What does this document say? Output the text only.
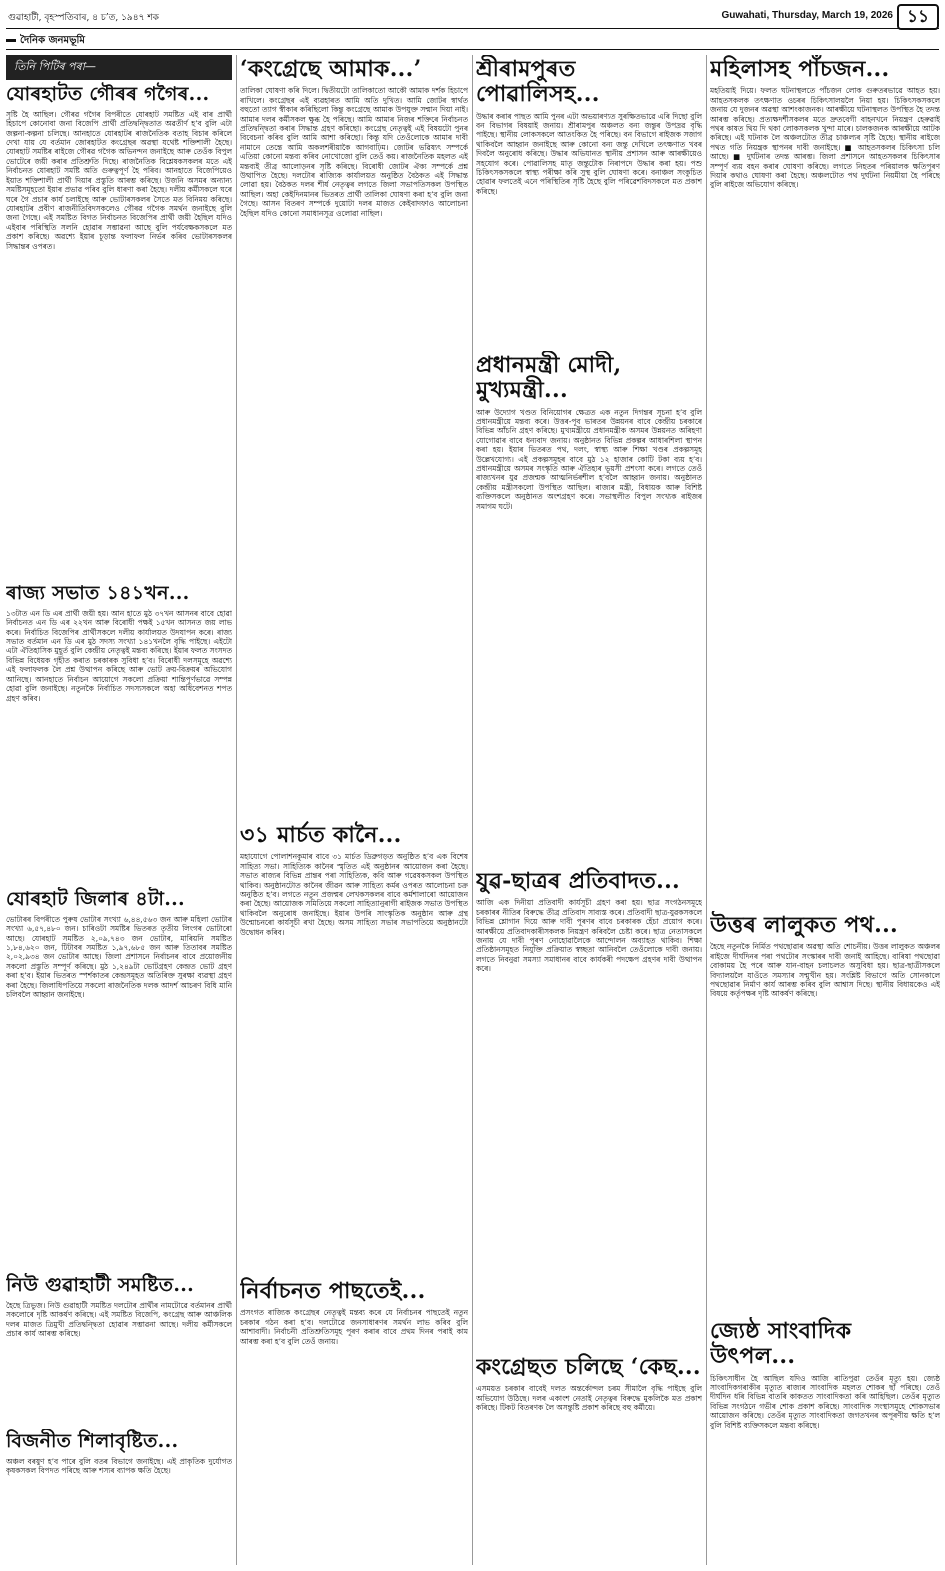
গুৱাহাটী, বৃহস্পতিবাৰ, ৪ চ’ত, ১৯৪৭ শক	Guwahati, Thursday, March 19, 2026 ১১
দৈনিক জনমভূমি
তিনি পিটিৰ পৰা—
যোৰহাটত গৌৰৰ গগৈৰ...

সৃষ্টি হৈ আছিল। গৌৰৱ গগৈৰ বিপৰীতে যোৰহাট সমষ্টিত এই বাৰ প্ৰাৰ্থী হিচাপে কোনোবা জনা বিজেপি প্ৰাৰ্থী প্ৰতিদ্বন্দ্বিতাত অৱতীৰ্ণ হ’ব বুলি এটা জল্পনা-কল্পনা চলিছে। আনহাতে যোৰহাটৰ ৰাজনৈতিক বতাহ বিচাৰ কৰিলে দেখা যায় যে বৰ্তমান জোৰহাটত কংগ্ৰেছৰ অৱস্থা যথেষ্ট শক্তিশালী হৈছে। যোৰহাট সমষ্টিৰ ৰাইজে গৌৰৱ গগৈক অভিনন্দন জনাইছে আৰু তেওঁক বিপুল ভোটেৰে জয়ী কৰাৰ প্ৰতিশ্ৰুতি দিছে। ৰাজনৈতিক বিশ্লেষকসকলৰ মতে এই নিৰ্বাচনত যোৰহাট সমষ্টি অতি গুৰুত্বপূৰ্ণ হৈ পৰিব। আনহাতে বিজেপিয়েও ইয়াত শক্তিশালী প্ৰাৰ্থী দিয়াৰ প্ৰস্তুতি আৰম্ভ কৰিছে। উজনি অসমৰ অন্যান্য সমষ্টিসমূহতো ইয়াৰ প্ৰভাৱ পৰিব বুলি ধাৰণা কৰা হৈছে। দলীয় কৰ্মীসকলে ঘৰে ঘৰে গৈ প্ৰচাৰ কাৰ্য চলাইছে আৰু ভোটাৰসকলৰ সৈতে মত বিনিময় কৰিছে। যোৰহাটৰ প্ৰবীণ ৰাজনীতিবিদসকলেও গৌৰৱ গগৈক সমৰ্থন জনাইছে বুলি জনা গৈছে। এই সমষ্টিত বিগত নিৰ্বাচনত বিজেপিৰ প্ৰাৰ্থী জয়ী হৈছিল যদিও এইবাৰ পৰিস্থিতি সলনি হোৱাৰ সম্ভাৱনা আছে বুলি পৰ্যবেক্ষকসকলে মত প্ৰকাশ কৰিছে। অৱশ্যে ইয়াৰ চূড়ান্ত ফলাফল নিৰ্ভৰ কৰিব ভোটাৰসকলৰ সিদ্ধান্তৰ ওপৰত।

ৰাজ্য সভাত ১৪১খন...

১৩টাত এন ডি এৰ প্ৰাৰ্থী জয়ী হয়। আন হাতে মুঠ ৩৭খন আসনৰ বাবে হোৱা নিৰ্বাচনত এন ডি এৰ ২২খন আৰু বিৰোধী পক্ষই ১৫খন আসনত জয় লাভ কৰে। নিৰ্বাচিত বিজেপিৰ প্ৰাৰ্থীসকলে দলীয় কাৰ্যালয়ত উদযাপন কৰে। ৰাজ্য সভাত বৰ্তমান এন ডি এৰ মুঠ সদস্য সংখ্যা ১৪১খনলৈ বৃদ্ধি পাইছে। এইটো এটা ঐতিহাসিক মুহূৰ্ত বুলি কেন্দ্ৰীয় নেতৃত্বই মন্তব্য কৰিছে। ইয়াৰ ফলত সংসদত বিভিন্ন বিধেয়ক গৃহীত কৰাত চৰকাৰক সুবিধা হ’ব। বিৰোধী দলসমূহে অৱশ্যে এই ফলাফলক লৈ প্ৰশ্ন উত্থাপন কৰিছে আৰু ভোট ক্ৰয়-বিক্ৰয়ৰ অভিযোগ আনিছে। আনহাতে নিৰ্বাচন আয়োগে সকলো প্ৰক্ৰিয়া শান্তিপূৰ্ণভাৱে সম্পন্ন হোৱা বুলি জনাইছে। নতুনকৈ নিৰ্বাচিত সদস্যসকলে অহা অধিবেশনত শপত গ্ৰহণ কৰিব।

যোৰহাট জিলাৰ ৪টা...

ভোটাৰৰ বিপৰীতে পুৰুষ ভোটাৰ সংখ্যা ৬,৪৪,৫৬৩ জন আৰু মহিলা ভোটাৰ সংখ্যা ৬,৫৭,৪৮০ জন। চাৰিওটা সমষ্টিৰ ভিতৰত তৃতীয় লিংগৰ ভোটাৰো আছে। যোৰহাট সমষ্টিত ২,০৯,৭৪৩ জন ভোটাৰ, মাৰিয়নি সমষ্টিত ১,৮৪,৬২০ জন, টিটাবৰ সমষ্টিত ১,৯৭,৬৮৫ জন আৰু তিতাবৰ সমষ্টিত ২,০২,৯৩৪ জন ভোটাৰ আছে। জিলা প্ৰশাসনে নিৰ্বাচনৰ বাবে প্ৰয়োজনীয় সকলো প্ৰস্তুতি সম্পূৰ্ণ কৰিছে। মুঠ ১,২৪৯টা ভোটগ্ৰহণ কেন্দ্ৰত ভোট গ্ৰহণ কৰা হ’ব। ইয়াৰ ভিতৰত স্পৰ্শকাতৰ কেন্দ্ৰসমূহত অতিৰিক্ত সুৰক্ষা ব্যৱস্থা গ্ৰহণ কৰা হৈছে। জিলাধিপতিয়ে সকলো ৰাজনৈতিক দলক আদৰ্শ আচৰণ বিধি মানি চলিবলৈ আহ্বান জনাইছে।

নিউ গুৱাহাটী সমষ্টিত...

হৈছে ত্ৰিভুজ। নিউ গুৱাহাটী সমষ্টিত দলটোৰ প্ৰাৰ্থীৰ নামটোৱে বৰ্তমানৰ প্ৰাৰ্থী সকলোৰে দৃষ্টি আকৰ্ষণ কৰিছে। এই সমষ্টিত বিজেপি, কংগ্ৰেছ আৰু আঞ্চলিক দলৰ মাজত ত্ৰিমুখী প্ৰতিদ্বন্দ্বিতা হোৱাৰ সম্ভাৱনা আছে। দলীয় কৰ্মীসকলে প্ৰচাৰ কাৰ্য আৰম্ভ কৰিছে।

বিজনীত শিলাবৃষ্টিত...

অঞ্চল বৰষুণ হ’ব পাৰে বুলি বতৰ বিভাগে জনাইছে। এই প্ৰাকৃতিক দুৰ্যোগত কৃষকসকল বিপদত পৰিছে আৰু শস্যৰ ব্যাপক ক্ষতি হৈছে।

‘কংগ্ৰেছে আমাক...’

তালিকা ঘোষণা কৰি দিলে। দ্বিতীয়টো তালিকাতো আকৌ আমাক দৰ্শক হিচাপে ৰাখিলে। কংগ্ৰেছৰ এই ব্যৱহাৰত আমি অতি দুখিত। আমি জোটৰ স্বাৰ্থত বহুতো ত্যাগ স্বীকাৰ কৰিছিলো কিন্তু কংগ্ৰেছে আমাক উপযুক্ত সন্মান দিয়া নাই। আমাৰ দলৰ কৰ্মীসকল ক্ষুব্ধ হৈ পৰিছে। আমি আমাৰ নিজৰ শক্তিৰে নিৰ্বাচনত প্ৰতিদ্বন্দ্বিতা কৰাৰ সিদ্ধান্ত গ্ৰহণ কৰিছো। কংগ্ৰেছ নেতৃত্বই এই বিষয়টো পুনৰ বিবেচনা কৰিব বুলি আমি আশা কৰিছো। কিন্তু যদি তেওঁলোকে আমাৰ দাবী নামানে তেন্তে আমি অকলশৰীয়াকৈ আগবাঢ়িম। জোটৰ ভৱিষ্যৎ সম্পৰ্কে এতিয়া কোনো মন্তব্য কৰিব নোখোজো বুলি তেওঁ কয়। ৰাজনৈতিক মহলত এই মন্তব্যই তীব্ৰ আলোড়নৰ সৃষ্টি কৰিছে। বিৰোধী জোটৰ ঐক্য সম্পৰ্কে প্ৰশ্ন উত্থাপিত হৈছে। দলটোৰ ৰাজ্যিক কাৰ্যালয়ত অনুষ্ঠিত বৈঠকত এই সিদ্ধান্ত লোৱা হয়। বৈঠকত দলৰ শীৰ্ষ নেতৃত্বৰ লগতে জিলা সভাপতিসকল উপস্থিত আছিল। অহা কেইদিনমানৰ ভিতৰত প্ৰাৰ্থী তালিকা ঘোষণা কৰা হ’ব বুলি জনা গৈছে। আসন বিতৰণ সম্পৰ্কে দুয়োটা দলৰ মাজত কেইবাদফাও আলোচনা হৈছিল যদিও কোনো সমাধানসূত্ৰ ওলোৱা নাছিল।

৩১ মাৰ্চত কানৈ...

মহাযোগে পোলাশনকুমাৰ বাবে ৩১ মাৰ্চত ডিব্ৰুগড়ত অনুষ্ঠিত হ’ব এক বিশেষ সাহিত্য সভা। সাহিত্যিক কানৈৰ স্মৃতিত এই অনুষ্ঠানৰ আয়োজন কৰা হৈছে। সভাত ৰাজ্যৰ বিভিন্ন প্ৰান্তৰ পৰা সাহিত্যিক, কবি আৰু গৱেষকসকল উপস্থিত থাকিব। অনুষ্ঠানটোত কানৈৰ জীৱন আৰু সাহিত্য কৰ্মৰ ওপৰত আলোচনা চক্ৰ অনুষ্ঠিত হ’ব। লগতে নতুন প্ৰজন্মৰ লেখকসকলৰ বাবে কৰ্মশালাৰো আয়োজন কৰা হৈছে। আয়োজক সমিতিয়ে সকলো সাহিত্যানুৰাগী ৰাইজক সভাত উপস্থিত থাকিবলৈ অনুৰোধ জনাইছে। ইয়াৰ উপৰি সাংস্কৃতিক অনুষ্ঠান আৰু গ্ৰন্থ উন্মোচনৰো কাৰ্যসূচী ৰখা হৈছে। অসম সাহিত্য সভাৰ সভাপতিয়ে অনুষ্ঠানটো উদ্বোধন কৰিব।

নিৰ্বাচনত পাছতেই...

প্ৰসংগত ৰাজ্যিক কংগ্ৰেছৰ নেতৃত্বই মন্তব্য কৰে যে নিৰ্বাচনৰ পাছতেই নতুন চৰকাৰ গঠন কৰা হ’ব। দলটোৱে জনসাধাৰণৰ সমৰ্থন লাভ কৰিব বুলি আশাবাদী। নিৰ্বাচনী প্ৰতিশ্ৰুতিসমূহ পূৰণ কৰাৰ বাবে প্ৰথম দিনৰ পৰাই কাম আৰম্ভ কৰা হ’ব বুলি তেওঁ জনায়।

শ্ৰীৰামপুৰত পোৱালিসহ...

উদ্ধাৰ কৰাৰ পাছত আমি পুনৰ এটা অভয়াৰণ্যত সুৰক্ষিতভাৱে এৰি দিছো বুলি বন বিভাগৰ বিষয়াই জনায়। শ্ৰীৰামপুৰ অঞ্চলত বন্য জন্তুৰ উপদ্ৰৱ বৃদ্ধি পাইছে। স্থানীয় লোকসকলে আতংকিত হৈ পৰিছে। বন বিভাগে ৰাইজক সজাগ থাকিবলৈ আহ্বান জনাইছে আৰু কোনো বন্য জন্তু দেখিলে তৎক্ষণাত খবৰ দিবলৈ অনুৰোধ কৰিছে। উদ্ধাৰ অভিযানত স্থানীয় প্ৰশাসন আৰু আৰক্ষীয়েও সহযোগ কৰে। পোৱালিসহ মাতৃ জন্তুটোক নিৰাপদে উদ্ধাৰ কৰা হয়। পশু চিকিৎসকসকলে স্বাস্থ্য পৰীক্ষা কৰি সুস্থ বুলি ঘোষণা কৰে। বনাঞ্চল সংকুচিত হোৱাৰ ফলতেই এনে পৰিস্থিতিৰ সৃষ্টি হৈছে বুলি পৰিৱেশবিদসকলে মত প্ৰকাশ কৰিছে।

প্ৰধানমন্ত্ৰী মোদী, মুখ্যমন্ত্ৰী...

আৰু উদ্যোগ খণ্ডত বিনিয়োগৰ ক্ষেত্ৰত এক নতুন দিগন্তৰ সূচনা হ’ব বুলি প্ৰধানমন্ত্ৰীয়ে মন্তব্য কৰে। উত্তৰ-পূব ভাৰতৰ উন্নয়নৰ বাবে কেন্দ্ৰীয় চৰকাৰে বিভিন্ন আঁচনি গ্ৰহণ কৰিছে। মুখ্যমন্ত্ৰীয়ে প্ৰধানমন্ত্ৰীক অসমৰ উন্নয়নত অৰিহণা যোগোৱাৰ বাবে ধন্যবাদ জনায়। অনুষ্ঠানত বিভিন্ন প্ৰকল্পৰ আধাৰশিলা স্থাপন কৰা হয়। ইয়াৰ ভিতৰত পথ, দলং, স্বাস্থ্য আৰু শিক্ষা খণ্ডৰ প্ৰকল্পসমূহ উল্লেখযোগ্য। এই প্ৰকল্পসমূহৰ বাবে মুঠ ১২ হাজাৰ কোটি টকা ব্যয় হ’ব। প্ৰধানমন্ত্ৰীয়ে অসমৰ সংস্কৃতি আৰু ঐতিহ্যৰ ভূয়সী প্ৰশংসা কৰে। লগতে তেওঁ ৰাজ্যখনৰ যুৱ প্ৰজন্মক আত্মনিৰ্ভৰশীল হ’বলৈ আহ্বান জনায়। অনুষ্ঠানত কেন্দ্ৰীয় মন্ত্ৰীসকলো উপস্থিত আছিল। ৰাজ্যৰ মন্ত্ৰী, বিধায়ক আৰু বিশিষ্ট ব্যক্তিসকলে অনুষ্ঠানত অংশগ্ৰহণ কৰে। সভাস্থলীত বিপুল সংখ্যক ৰাইজৰ সমাগম ঘটে।

যুৱ-ছাত্ৰৰ প্ৰতিবাদত...

আজি এক দিনীয়া প্ৰতিবাদী কাৰ্যসূচী গ্ৰহণ কৰা হয়। ছাত্ৰ সংগঠনসমূহে চৰকাৰৰ নীতিৰ বিৰুদ্ধে তীব্ৰ প্ৰতিবাদ সাব্যস্ত কৰে। প্ৰতিবাদী ছাত্ৰ-যুৱকসকলে বিভিন্ন শ্লোগান দিয়ে আৰু দাবী পূৰণৰ বাবে চৰকাৰক হেঁচা প্ৰয়োগ কৰে। আৰক্ষীয়ে প্ৰতিবাদকাৰীসকলক নিয়ন্ত্ৰণ কৰিবলৈ চেষ্টা কৰে। ছাত্ৰ নেতাসকলে জনায় যে দাবী পূৰণ নোহোৱালৈকে আন্দোলন অব্যাহত থাকিব। শিক্ষা প্ৰতিষ্ঠানসমূহত নিযুক্তি প্ৰক্ৰিয়াত স্বচ্ছতা আনিবলৈ তেওঁলোকে দাবী জনায়। লগতে নিবনুৱা সমস্যা সমাধানৰ বাবে কাৰ্যকৰী পদক্ষেপ গ্ৰহণৰ দাবী উত্থাপন কৰে।

কংগ্ৰেছত চলিছে ‘কেছ...

এসময়ত চৰকাৰ বাবেই দলত অন্তৰ্কোন্দল চৰম সীমালৈ বৃদ্ধি পাইছে বুলি অভিযোগ উঠিছে। দলৰ একাংশ নেতাই নেতৃত্বৰ বিৰুদ্ধে মুকলিকৈ মত প্ৰকাশ কৰিছে। টিকট বিতৰণক লৈ অসন্তুষ্টি প্ৰকাশ কৰিছে বহু কৰ্মীয়ে।

মহিলাসহ পাঁচজন...

মহতিয়াই দিয়ে। ফলত ঘটনাস্থলতে পাঁচজন লোক গুৰুতৰভাৱে আহত হয়। আহতসকলক তৎক্ষণাত ওচৰৰ চিকিৎসালয়লৈ নিয়া হয়। চিকিৎসকসকলে জনায় যে দুজনৰ অৱস্থা আশংকাজনক। আৰক্ষীয়ে ঘটনাস্থলত উপস্থিত হৈ তদন্ত আৰম্ভ কৰিছে। প্ৰত্যক্ষদৰ্শীসকলৰ মতে দ্ৰুতবেগী বাহনখনে নিয়ন্ত্ৰণ হেৰুৱাই পথৰ কাষত থিয় দি থকা লোকসকলক খুন্দা মাৰে। চালকজনক আৰক্ষীয়ে আটক কৰিছে। এই ঘটনাক লৈ অঞ্চলটোত তীব্ৰ চাঞ্চল্যৰ সৃষ্টি হৈছে। স্থানীয় ৰাইজে পথত গতি নিয়ন্ত্ৰক স্থাপনৰ দাবী জনাইছে। ■ আহতসকলৰ চিকিৎসা চলি আছে। ■ দুৰ্ঘটনাৰ তদন্ত আৰম্ভ। জিলা প্ৰশাসনে আহতসকলৰ চিকিৎসাৰ সম্পূৰ্ণ ব্যয় বহন কৰাৰ ঘোষণা কৰিছে। লগতে নিহতৰ পৰিয়ালক ক্ষতিপূৰণ দিয়াৰ কথাও ঘোষণা কৰা হৈছে। অঞ্চলটোত পথ দুৰ্ঘটনা নিয়মীয়া হৈ পৰিছে বুলি ৰাইজে অভিযোগ কৰিছে।

উত্তৰ লালুকত পথ...

হৈছে নতুনকৈ নিৰ্মিত পথছোৱাৰ অৱস্থা অতি শোচনীয়। উত্তৰ লালুকত অঞ্চলৰ ৰাইজে দীৰ্ঘদিনৰ পৰা পথটোৰ সংস্কাৰৰ দাবী জনাই আহিছে। বাৰিষা পথছোৱা বোকাময় হৈ পৰে আৰু যান-বাহন চলাচলত অসুবিধা হয়। ছাত্ৰ-ছাত্ৰীসকলে বিদ্যালয়লৈ যাওঁতে সমস্যাৰ সন্মুখীন হয়। সংশ্লিষ্ট বিভাগে অতি সোনকালে পথছোৱাৰ নিৰ্মাণ কাৰ্য আৰম্ভ কৰিব বুলি আশ্বাস দিছে। স্থানীয় বিধায়কেও এই বিষয়ে কৰ্তৃপক্ষৰ দৃষ্টি আকৰ্ষণ কৰিছে।

জ্যেষ্ঠ সাংবাদিক উৎপল...

চিকিৎসাধীন হৈ আছিল যদিও আজি ৰাতিপুৱা তেওঁৰ মৃত্যু হয়। জ্যেষ্ঠ সাংবাদিকগৰাকীৰ মৃত্যুত ৰাজ্যৰ সাংবাদিক মহলত শোকৰ ছাঁ পৰিছে। তেওঁ দীৰ্ঘদিন ধৰি বিভিন্ন বাতৰি কাকতত সাংবাদিকতা কৰি আহিছিল। তেওঁৰ মৃত্যুত বিভিন্ন সংগঠনে গভীৰ শোক প্ৰকাশ কৰিছে। সাংবাদিক সংস্থাসমূহে শোকসভাৰ আয়োজন কৰিছে। তেওঁৰ মৃত্যুত সাংবাদিকতা জগতখনৰ অপূৰণীয় ক্ষতি হ’ল বুলি বিশিষ্ট ব্যক্তিসকলে মন্তব্য কৰিছে।
